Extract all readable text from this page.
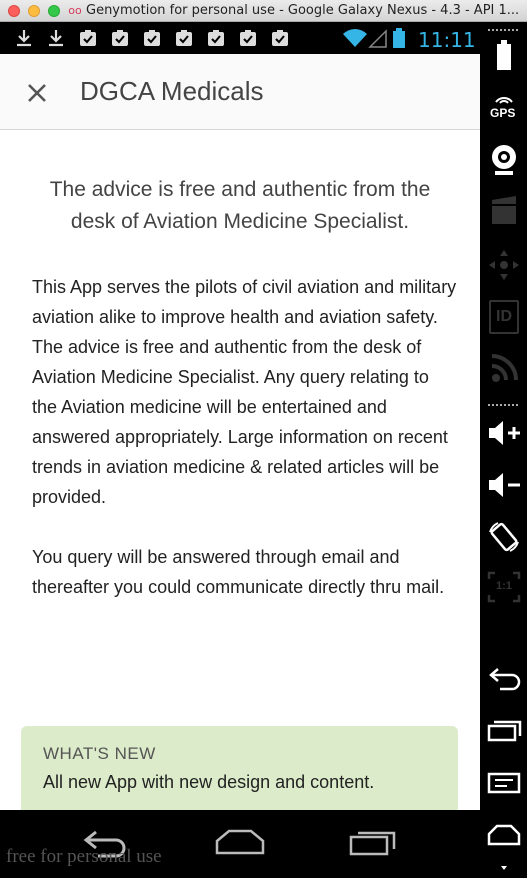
oo Genymotion for personal use - Google Galaxy Nexus - 4.3 - API 1...
11:11
DGCA Medicals
The advice is free and authentic from the desk of Aviation Medicine Specialist.
This App serves the pilots of civil aviation and military aviation alike to improve health and aviation safety. The advice is free and authentic from the desk of Aviation Medicine Specialist. Any query relating to the Aviation medicine will be entertained and answered appropriately. Large information on recent trends in aviation medicine & related articles will be provided.
You query will be answered through email and thereafter you could communicate directly thru mail.
WHAT'S NEW
All new App with new design and content.
free for personal use
GPS
ID
1:1
